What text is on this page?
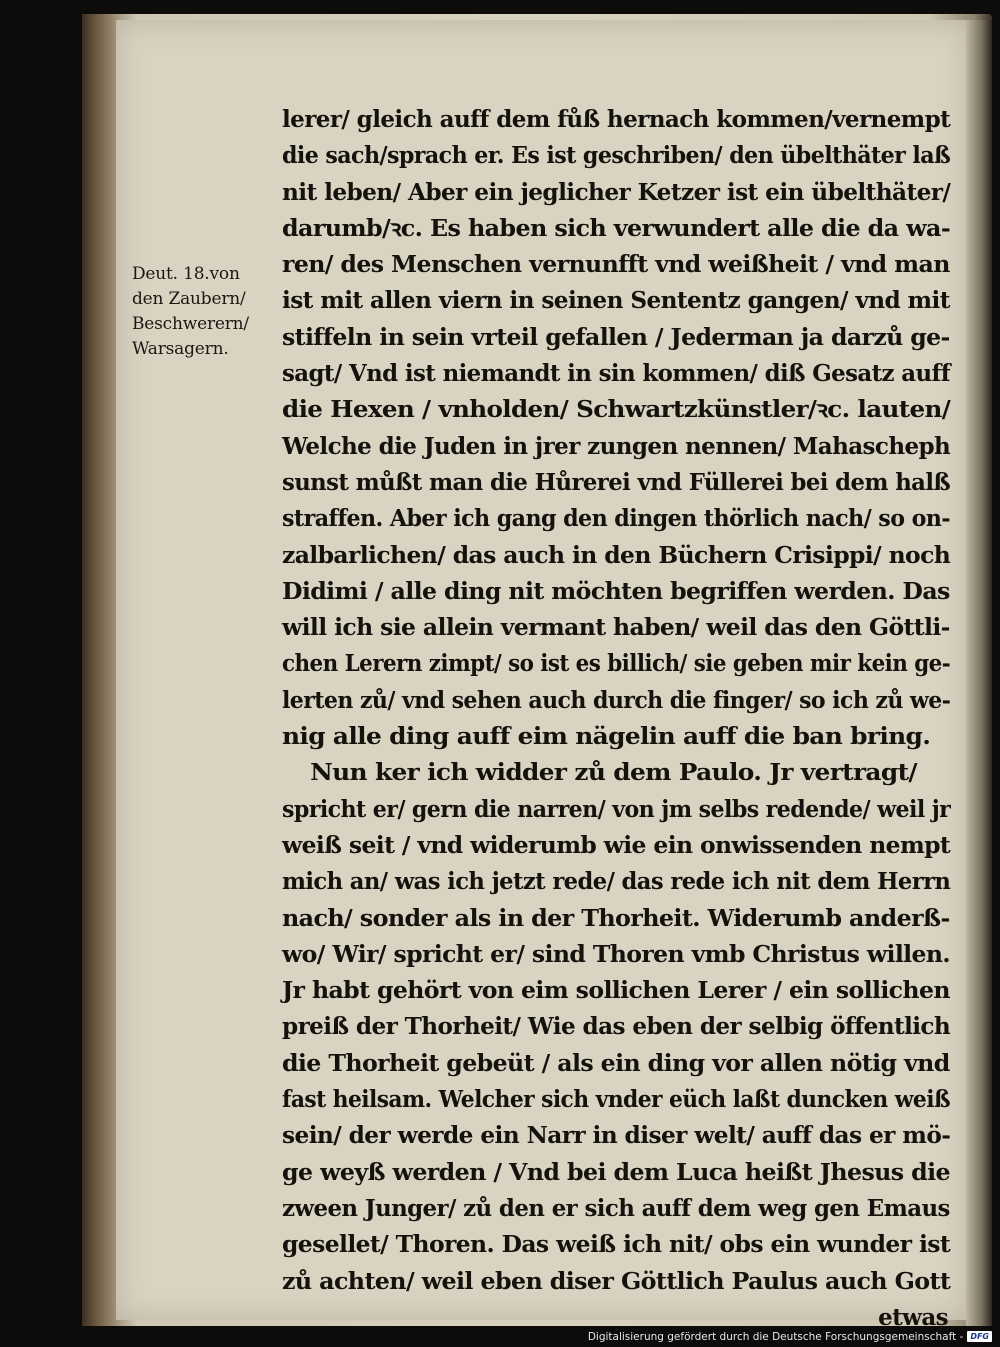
Deut. 18.von
den Zaubern/
Beschwerern/
Warsagern.
lerer/ gleich auff dem fůß hernach kommen/vernempt
die sach/sprach er. Es ist geschriben/ den übelthäter laß
nit leben/ Aber ein jeglicher Ketzer ist ein übelthäter/
darumb/ꝛc. Es haben sich verwundert alle die da wa-
ren/ des Menschen vernunfft vnd weißheit / vnd man
ist mit allen viern in seinen Sententz gangen/ vnd mit
stiffeln in sein vrteil gefallen / Jederman ja darzů ge-
sagt/ Vnd ist niemandt in sin kommen/ diß Gesatz auff
die Hexen / vnholden/ Schwartzkünstler/ꝛc. lauten/
Welche die Juden in jrer zungen nennen/ Mahascheph
sunst můßt man die Hůrerei vnd Füllerei bei dem halß
straffen. Aber ich gang den dingen thörlich nach/ so on-
zalbarlichen/ das auch in den Büchern Crisippi/ noch
Didimi / alle ding nit möchten begriffen werden. Das
will ich sie allein vermant haben/ weil das den Göttli-
chen Lerern zimpt/ so ist es billich/ sie geben mir kein ge-
lerten zů/ vnd sehen auch durch die finger/ so ich zů we-
nig alle ding auff eim nägelin auff die ban bring.
Nun ker ich widder zů dem Paulo. Jr vertragt/
spricht er/ gern die narren/ von jm selbs redende/ weil jr
weiß seit / vnd widerumb wie ein onwissenden nempt
mich an/ was ich jetzt rede/ das rede ich nit dem Herrn
nach/ sonder als in der Thorheit. Widerumb anderß-
wo/ Wir/ spricht er/ sind Thoren vmb Christus willen.
Jr habt gehört von eim sollichen Lerer / ein sollichen
preiß der Thorheit/ Wie das eben der selbig öffentlich
die Thorheit gebeüt / als ein ding vor allen nötig vnd
fast heilsam. Welcher sich vnder eüch laßt duncken weiß
sein/ der werde ein Narr in diser welt/ auff das er mö-
ge weyß werden / Vnd bei dem Luca heißt Jhesus die
zween Junger/ zů den er sich auff dem weg gen Emaus
gesellet/ Thoren. Das weiß ich nit/ obs ein wunder ist
zů achten/ weil eben diser Göttlich Paulus auch Gott
etwas
Digitalisierung gefördert durch die Deutsche Forschungsgemeinschaft - DFG
